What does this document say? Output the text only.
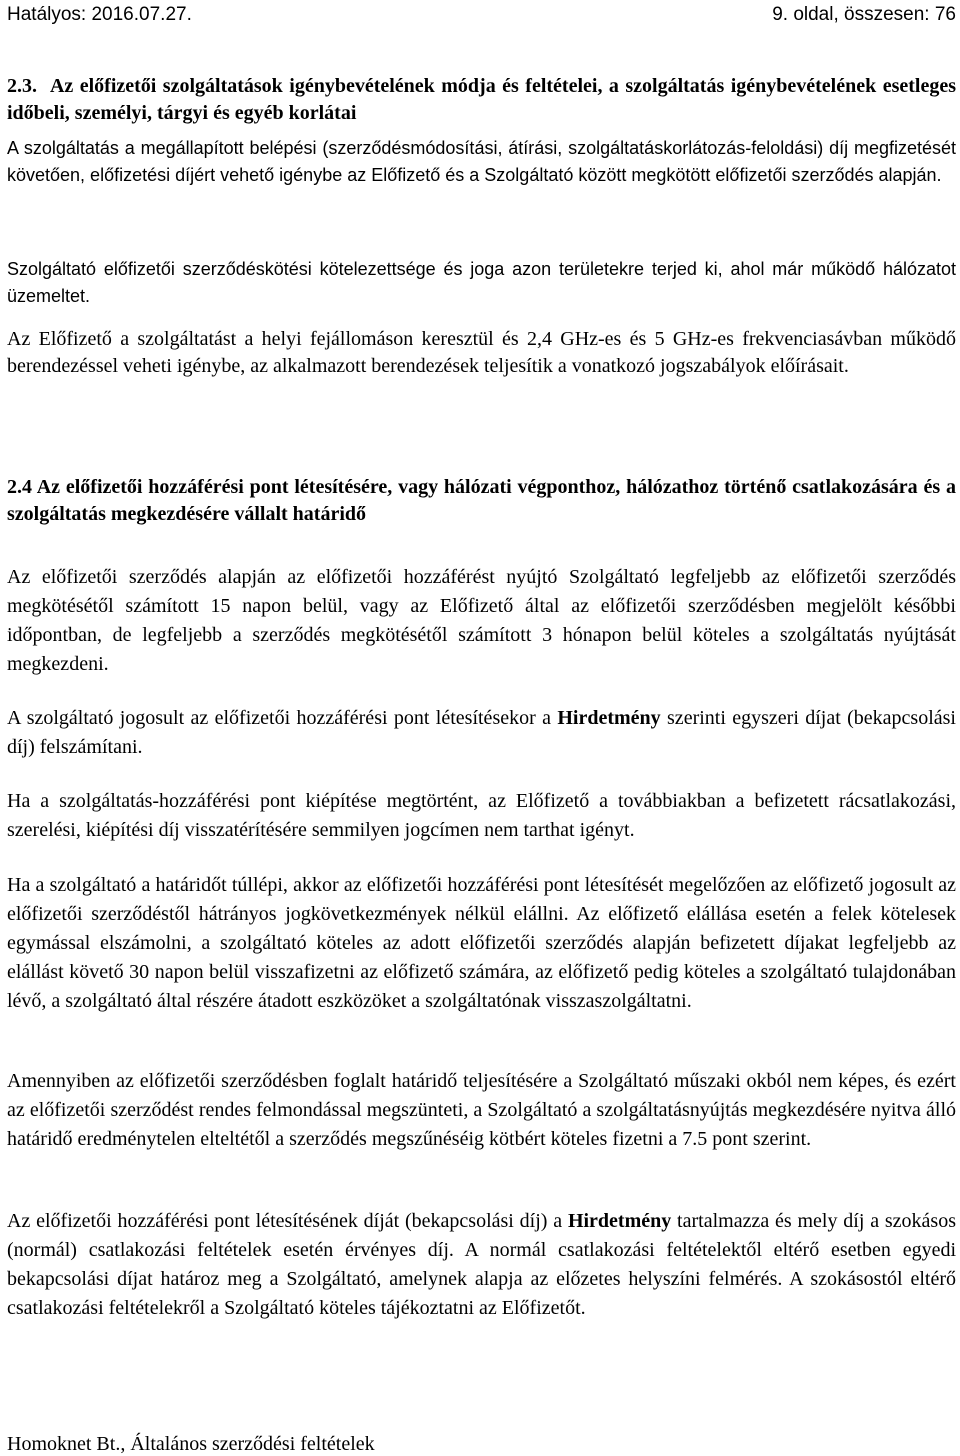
Hatályos: 2016.07.27.	9. oldal, összesen: 76
2.3. Az előfizetői szolgáltatások igénybevételének módja és feltételei, a szolgáltatás igénybevételének esetleges időbeli, személyi, tárgyi és egyéb korlátai
A szolgáltatás a megállapított belépési (szerződésmódosítási, átírási, szolgáltatáskorlátozás-feloldási) díj megfizetését követően, előfizetési díjért vehető igénybe az Előfizető és a Szolgáltató között megkötött előfizetői szerződés alapján.
Szolgáltató előfizetői szerződéskötési kötelezettsége és joga azon területekre terjed ki, ahol már működő hálózatot üzemeltet.
Az Előfizető a szolgáltatást a helyi fejállomáson keresztül és 2,4 GHz-es és 5 GHz-es frekvenciasávban működő berendezéssel veheti igénybe, az alkalmazott berendezések teljesítik a vonatkozó jogszabályok előírásait.
2.4 Az előfizetői hozzáférési pont létesítésére, vagy hálózati végponthoz, hálózathoz történő csatlakozására és a szolgáltatás megkezdésére vállalt határidő
Az előfizetői szerződés alapján az előfizetői hozzáférést nyújtó Szolgáltató legfeljebb az előfizetői szerződés megkötésétől számított 15 napon belül, vagy az Előfizető által az előfizetői szerződésben megjelölt későbbi időpontban, de legfeljebb a szerződés megkötésétől számított 3 hónapon belül köteles a szolgáltatás nyújtását megkezdeni.
A szolgáltató jogosult az előfizetői hozzáférési pont létesítésekor a Hirdetmény szerinti egyszeri díjat (bekapcsolási díj) felszámítani.
Ha a szolgáltatás-hozzáférési pont kiépítése megtörtént, az Előfizető a továbbiakban a befizetett rácsatlakozási, szerelési, kiépítési díj visszatérítésére semmilyen jogcímen nem tarthat igényt.
Ha a szolgáltató a határidőt túllépi, akkor az előfizetői hozzáférési pont létesítését megelőzően az előfizető jogosult az előfizetői szerződéstől hátrányos jogkövetkezmények nélkül elállni. Az előfizető elállása esetén a felek kötelesek egymással elszámolni, a szolgáltató köteles az adott előfizetői szerződés alapján befizetett díjakat legfeljebb az elállást követő 30 napon belül visszafizetni az előfizető számára, az előfizető pedig köteles a szolgáltató tulajdonában lévő, a szolgáltató által részére átadott eszközöket a szolgáltatónak visszaszolgáltatni.
Amennyiben az előfizetői szerződésben foglalt határidő teljesítésére a Szolgáltató műszaki okból nem képes, és ezért az előfizetői szerződést rendes felmondással megszünteti, a Szolgáltató a szolgáltatásnyújtás megkezdésére nyitva álló határidő eredménytelen elteltétől a szerződés megszűnéséig kötbért köteles fizetni a 7.5 pont szerint.
Az előfizetői hozzáférési pont létesítésének díját (bekapcsolási díj) a Hirdetmény tartalmazza és mely díj a szokásos (normál) csatlakozási feltételek esetén érvényes díj. A normál csatlakozási feltételektől eltérő esetben egyedi bekapcsolási díjat határoz meg a Szolgáltató, amelynek alapja az előzetes helyszíni felmérés. A szokásostól eltérő csatlakozási feltételekről a Szolgáltató köteles tájékoztatni az Előfizetőt.
Homoknet Bt., Általános szerződési feltételek
